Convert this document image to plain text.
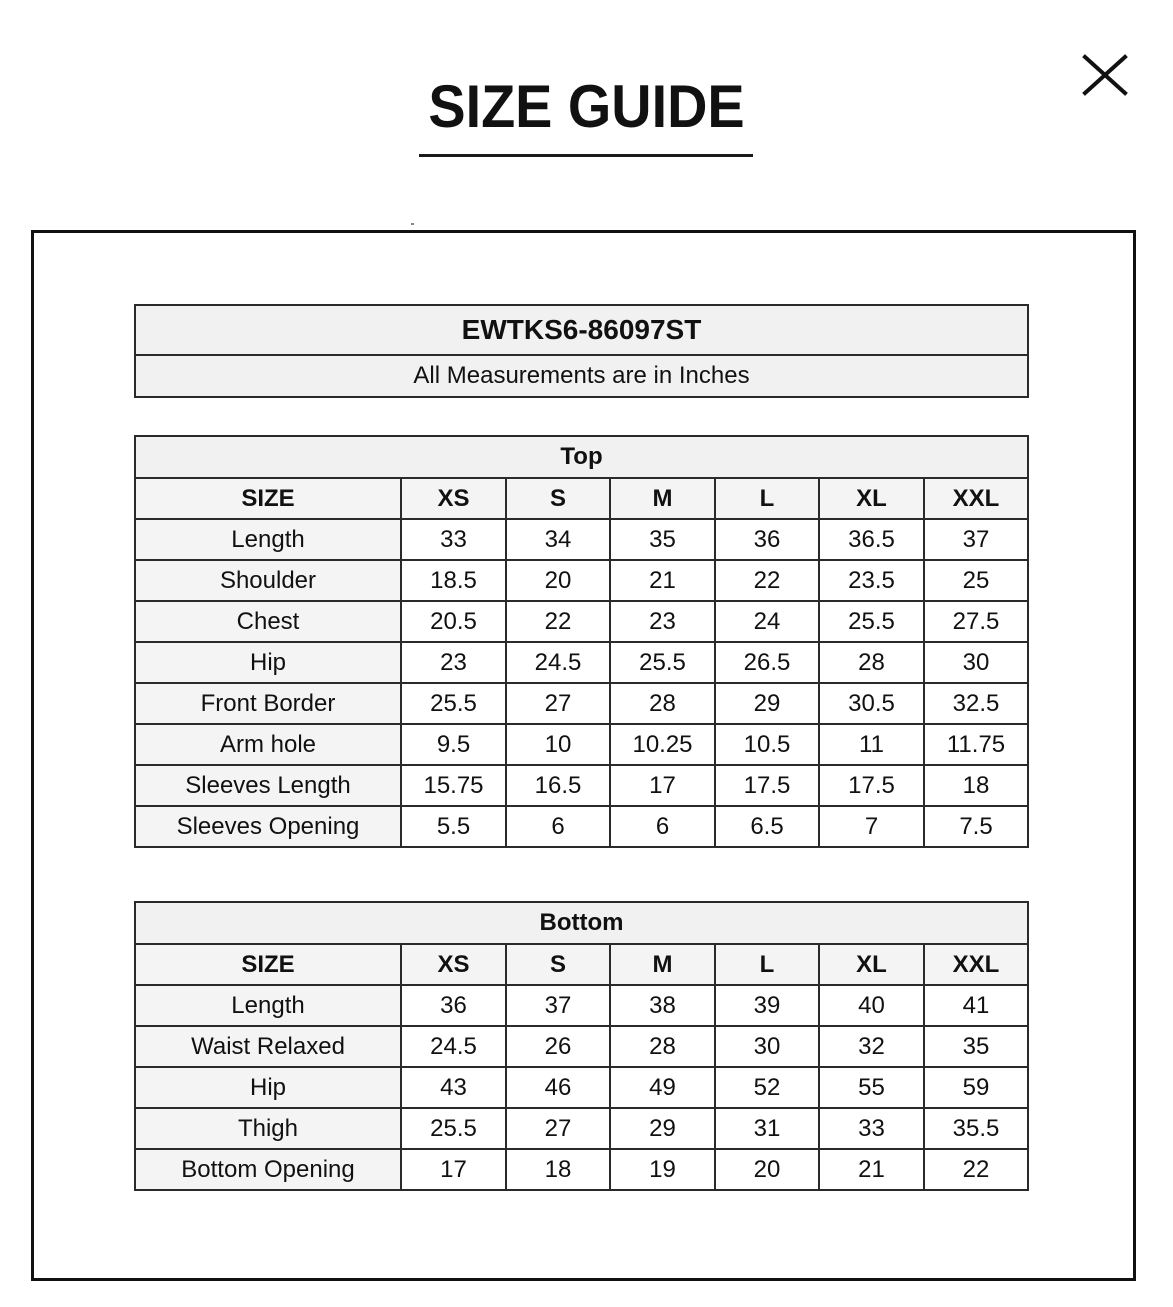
SIZE GUIDE
EWTKS6-86097ST
All Measurements are in Inches
Top						
SIZE	XS	S	M	L	XL	XXL
Length	33	34	35	36	36.5	37
Shoulder	18.5	20	21	22	23.5	25
Chest	20.5	22	23	24	25.5	27.5
Hip	23	24.5	25.5	26.5	28	30
Front Border	25.5	27	28	29	30.5	32.5
Arm hole	9.5	10	10.25	10.5	11	11.75
Sleeves Length	15.75	16.5	17	17.5	17.5	18
Sleeves Opening	5.5	6	6	6.5	7	7.5
Bottom						
SIZE	XS	S	M	L	XL	XXL
Length	36	37	38	39	40	41
Waist Relaxed	24.5	26	28	30	32	35
Hip	43	46	49	52	55	59
Thigh	25.5	27	29	31	33	35.5
Bottom Opening	17	18	19	20	21	22
